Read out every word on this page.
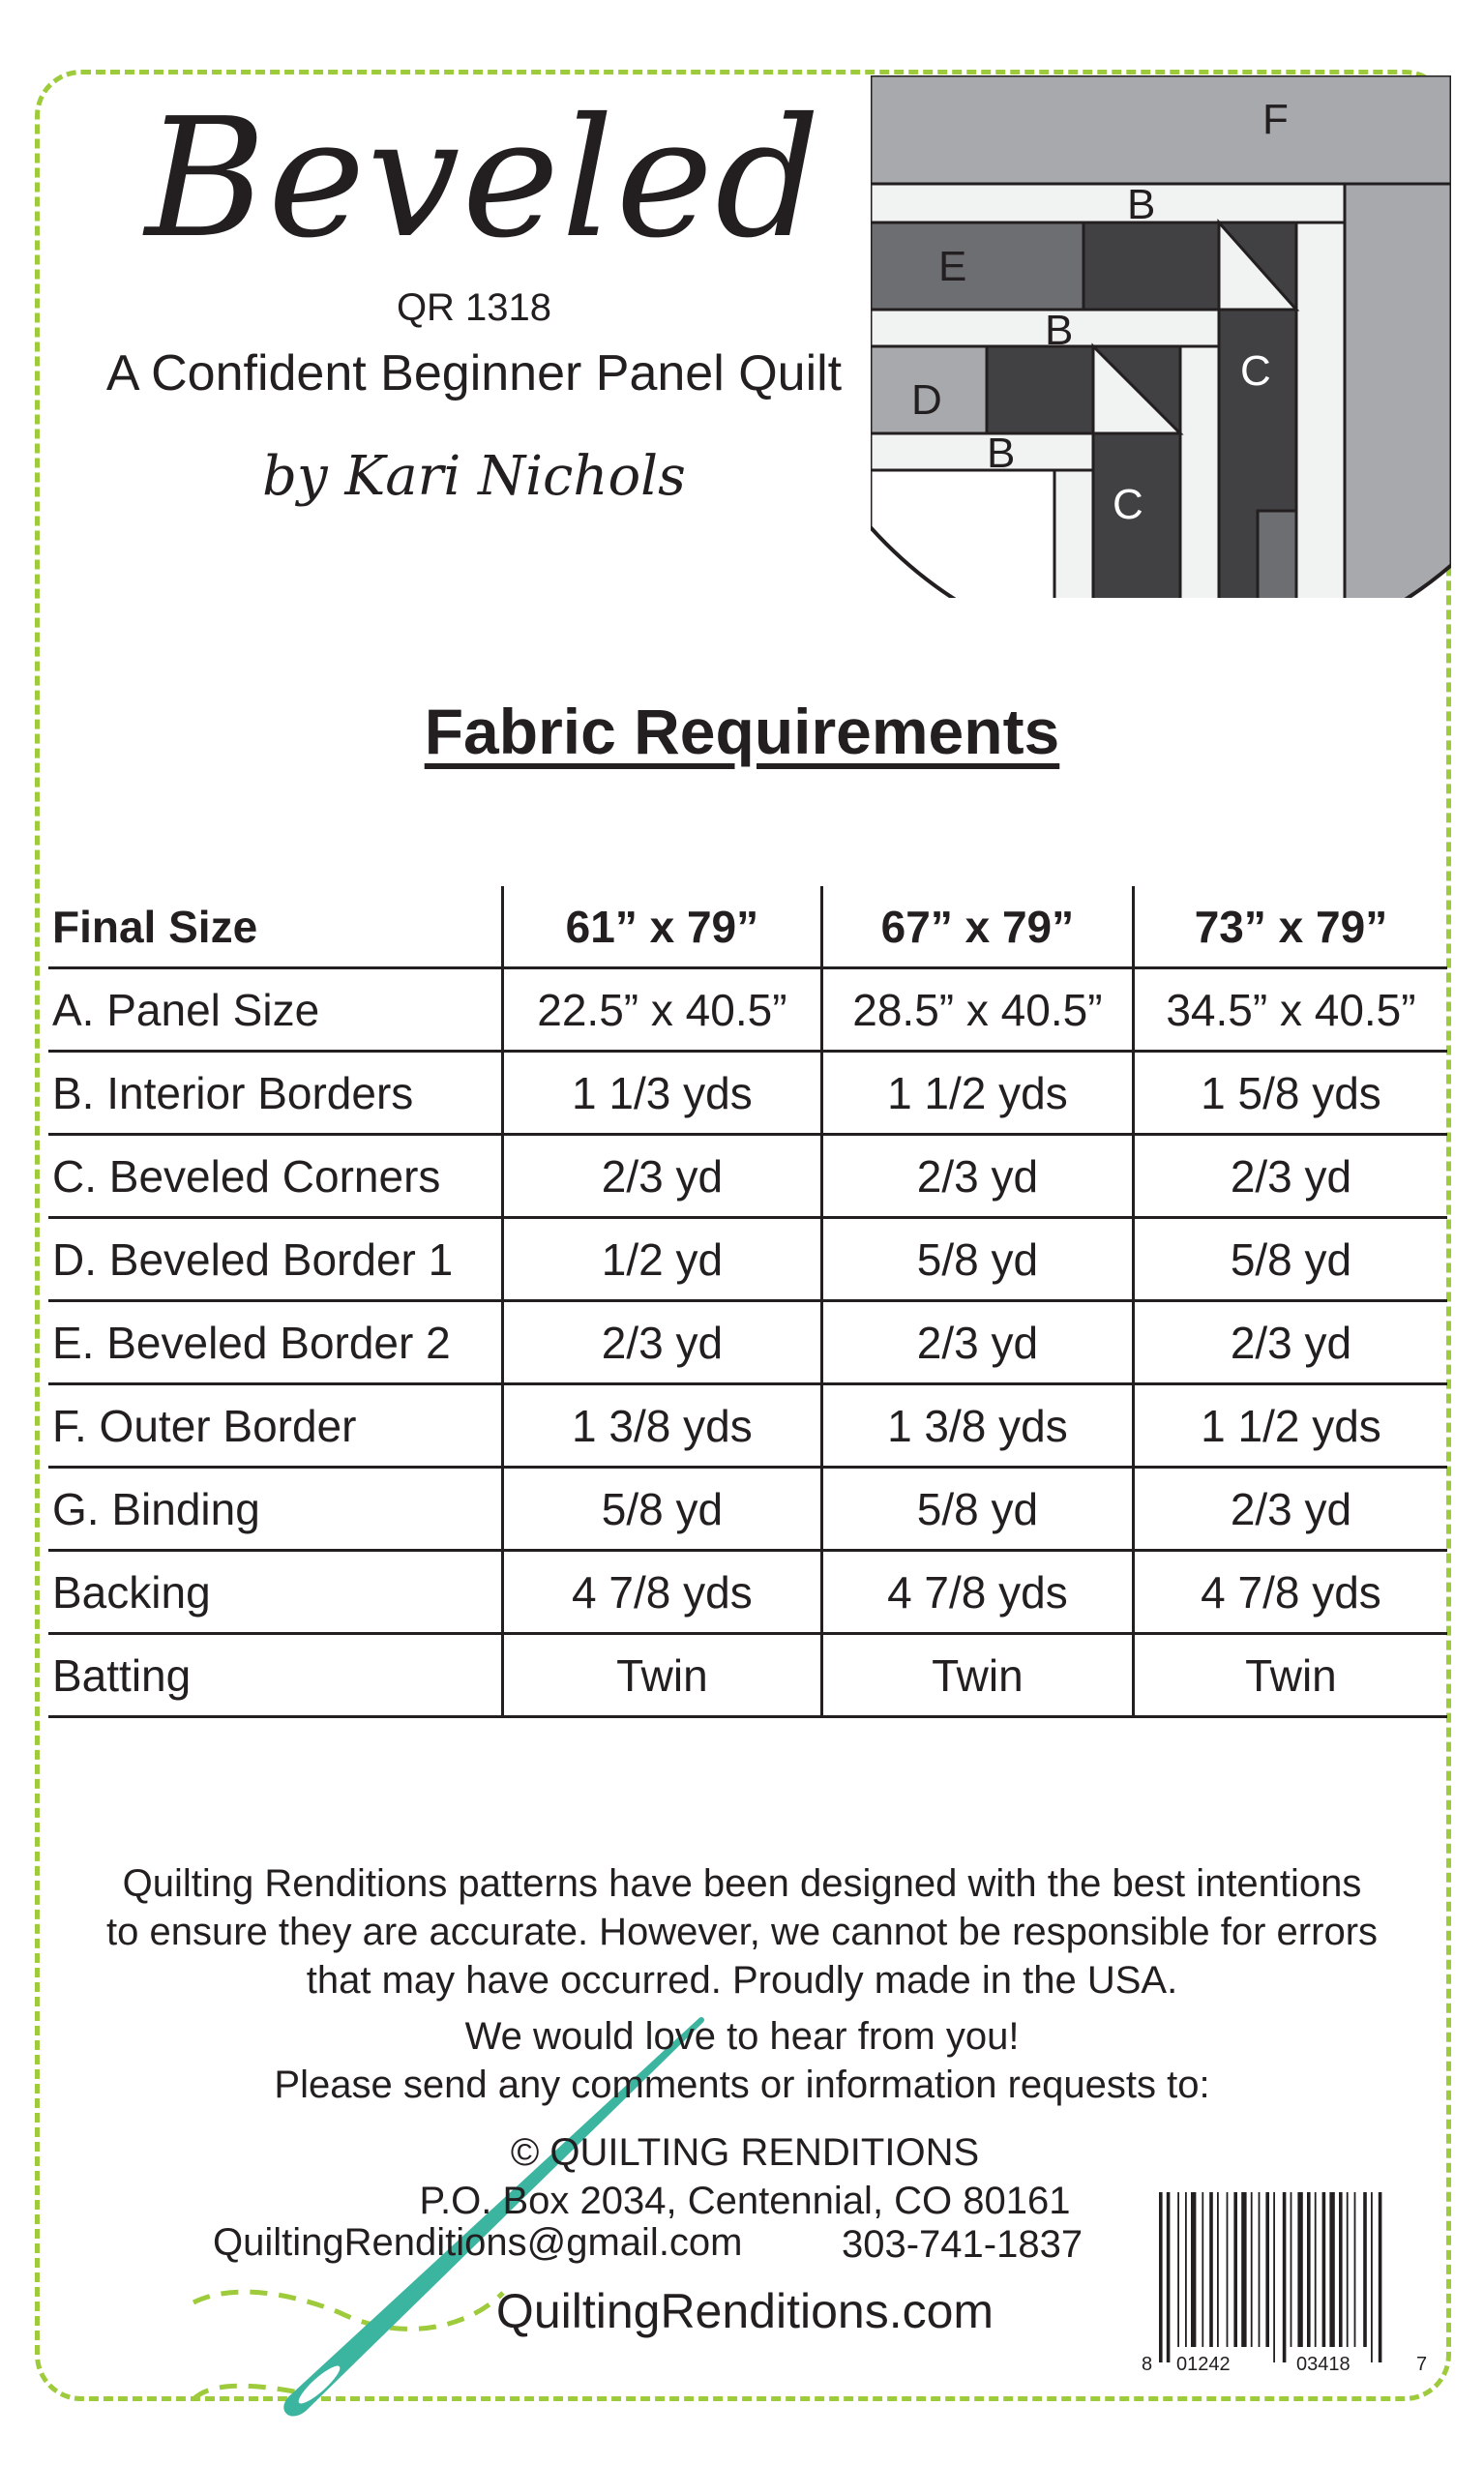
Beveled
QR 1318
A Confident Beginner Panel Quilt
by Kari Nichols
F
B
E
B
C
D
B
C
Fabric Requirements
Final Size	61” x 79”	67” x 79”	73” x 79”
A. Panel Size	22.5” x 40.5”	28.5” x 40.5”	34.5” x 40.5”
B. Interior Borders	1 1/3 yds	1 1/2 yds	1 5/8 yds
C. Beveled Corners	2/3 yd	2/3 yd	2/3 yd
D. Beveled Border 1	1/2 yd	5/8 yd	5/8 yd
E. Beveled Border 2	2/3 yd	2/3 yd	2/3 yd
F. Outer Border	1 3/8 yds	1 3/8 yds	1 1/2 yds
G. Binding	5/8 yd	5/8 yd	2/3 yd
Backing	4 7/8 yds	4 7/8 yds	4 7/8 yds
Batting	Twin	Twin	Twin
Quilting Renditions patterns have been designed with the best intentions
to ensure they are accurate. However, we cannot be responsible for errors
that may have occurred. Proudly made in the USA.
We would love to hear from you!
Please send any comments or information requests to:
© QUILTING RENDITIONS
P.O. Box 2034, Centennial, CO 80161
QuiltingRenditions@gmail.com	303-741-1837
QuiltingRenditions.com
8 01242	03418	7
